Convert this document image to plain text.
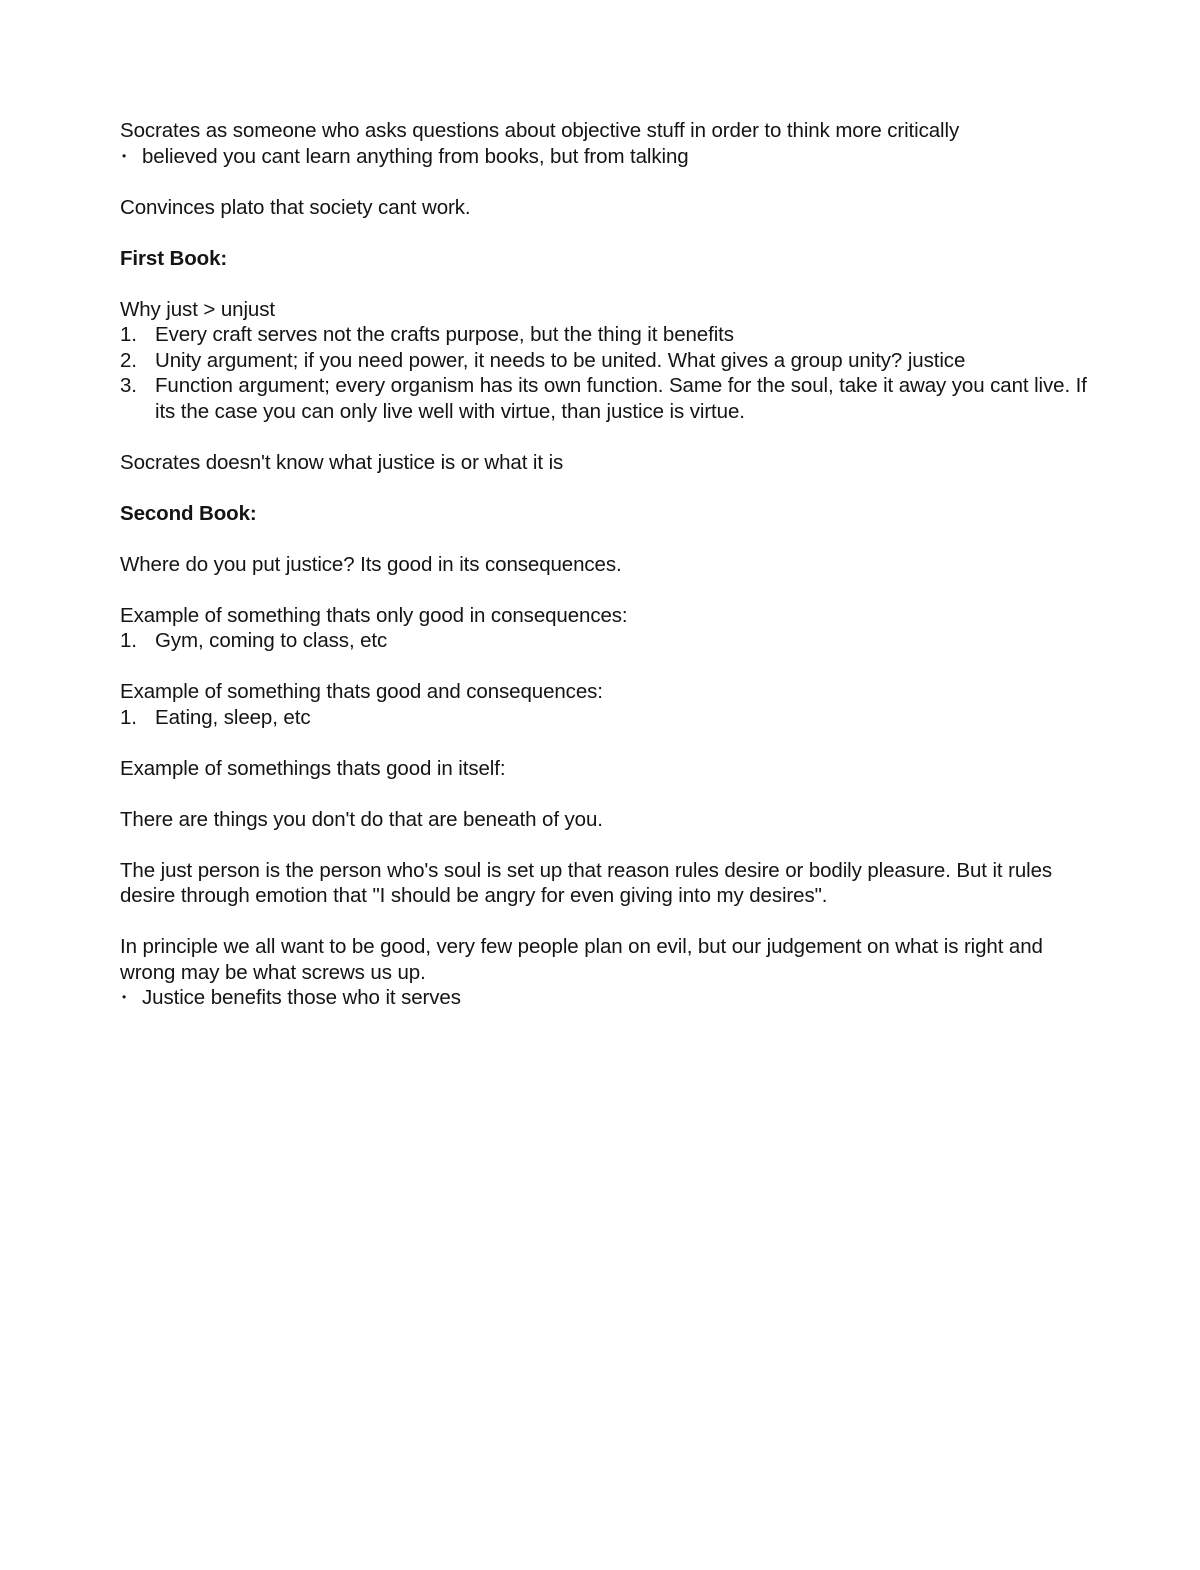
Socrates as someone who asks questions about objective stuff in order to think more critically

• believed you cant learn anything from books, but from talking

Convinces plato that society cant work.

First Book:

Why just > unjust

1. Every craft serves not the crafts purpose, but the thing it benefits
2. Unity argument; if you need power, it needs to be united. What gives a group unity? justice
3. Function argument; every organism has its own function. Same for the soul, take it away you cant live. If its the case you can only live well with virtue, than justice is virtue.

Socrates doesn't know what justice is or what it is

Second Book:

Where do you put justice? Its good in its consequences.

Example of something thats only good in consequences:

1. Gym, coming to class, etc

Example of something thats good and consequences:

1. Eating, sleep, etc

Example of somethings thats good in itself:

There are things you don't do that are beneath of you.

The just person is the person who's soul is set up that reason rules desire or bodily pleasure. But it rules desire through emotion that "I should be angry for even giving into my desires".

In principle we all want to be good, very few people plan on evil, but our judgement on what is right and wrong may be what screws us up.

• Justice benefits those who it serves
